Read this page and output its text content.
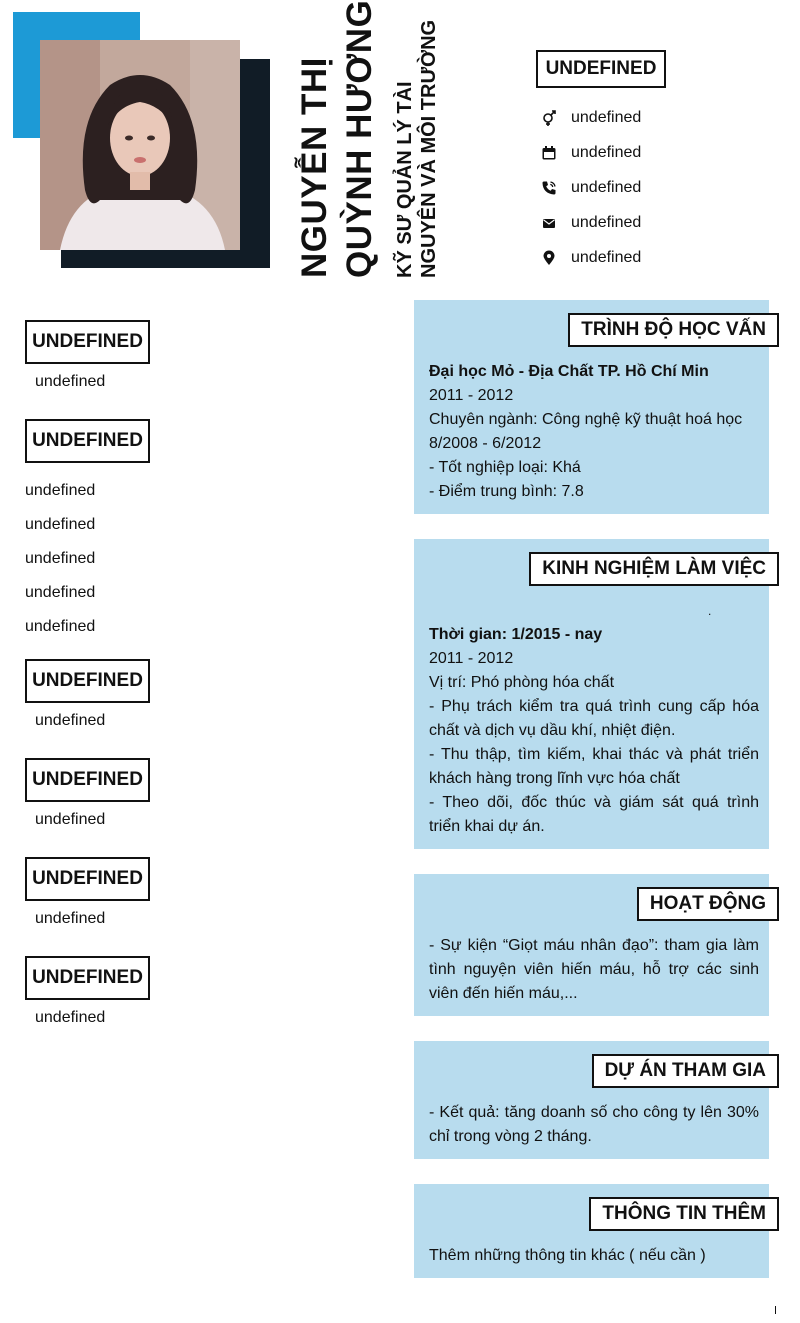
NGUYỄN THỊ QUỲNH HƯƠNG KỸ SƯ QUẢN LÝ TÀI NGUYÊN VÀ MÔI TRƯỜNG	UNDEFINED
undefined
undefined
undefined
undefined
undefined
UNDEFINED
undefined
UNDEFINED
undefined
undefined
undefined
undefined
undefined
UNDEFINED
undefined
UNDEFINED
undefined
UNDEFINED
undefined
UNDEFINED
undefined
TRÌNH ĐỘ HỌC VẤN
Đại học Mỏ - Địa Chất TP. Hồ Chí Min
2011 - 2012
Chuyên ngành: Công nghệ kỹ thuật hoá học
8/2008 - 6/2012
- Tốt nghiệp loại: Khá
- Điểm trung bình: 7.8
KINH NGHIỆM LÀM VIỆC
Thời gian: 1/2015 - nay
2011 - 2012
Vị trí: Phó phòng hóa chất
- Phụ trách kiểm tra quá trình cung cấp hóa chất và dịch vụ dầu khí, nhiệt điện.
- Thu thập, tìm kiếm, khai thác và phát triển khách hàng trong lĩnh vực hóa chất
- Theo dõi, đốc thúc và giám sát quá trình triển khai dự án.
.
HOẠT ĐỘNG
- Sự kiện “Giọt máu nhân đạo”: tham gia làm tình nguyện viên hiến máu, hỗ trợ các sinh viên đến hiến máu,...
DỰ ÁN THAM GIA
- Kết quả: tăng doanh số cho công ty lên 30% chỉ trong vòng 2 tháng.
THÔNG TIN THÊM
Thêm những thông tin khác ( nếu cần )
